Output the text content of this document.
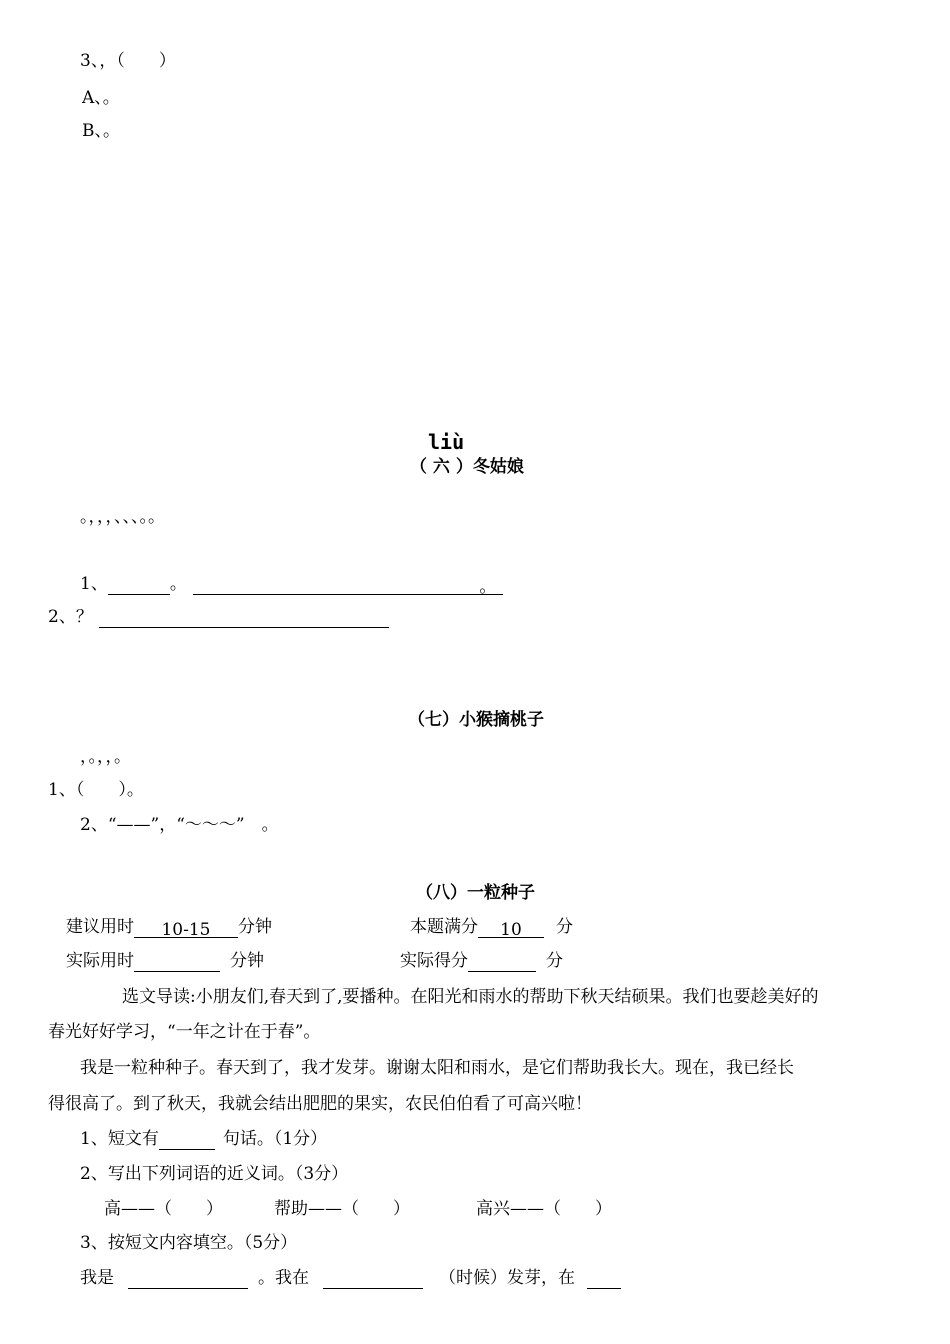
3、，（　　）
A、。
B、。
liù
（ 六 ）冬姑娘
。，，，、、、。。
1、	。	。
2、？
（七）小猴摘桃子
，。，，。
1、（　　）。
2、“——”，“～～～”　。
（八）一粒种子
建议用时 10-15 分钟	本题满分 10 分
实际用时	分钟	实际得分	分
选文导读:小朋友们,春天到了,要播种。在阳光和雨水的帮助下秋天结硕果。我们也要趁美好的
春光好好学习，“一年之计在于春”。
我是一粒种种子。春天到了，我才发芽。谢谢太阳和雨水，是它们帮助我长大。现在，我已经长
得很高了。到了秋天，我就会结出肥肥的果实，农民伯伯看了可高兴啦！
1、短文有	句话。（1分）
2、写出下列词语的近义词。（3分）
高——（　　）	帮助——（　　）	高兴——（　　）
3、按短文内容填空。（5分）
我是	。我在	（时候）发芽，在
